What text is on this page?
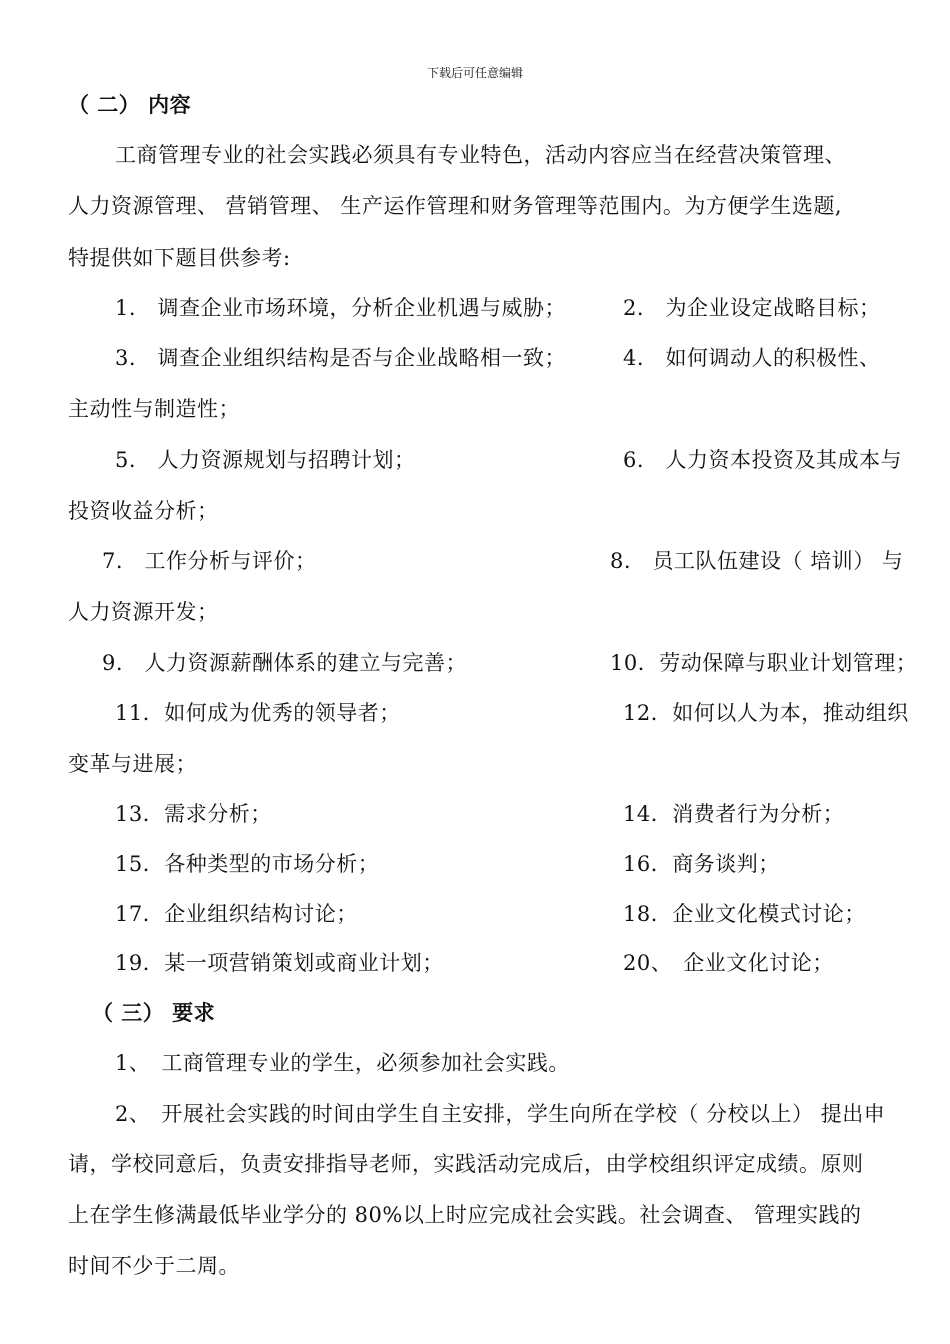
下载后可任意编辑
（ 二） 内容
工商管理专业的社会实践必须具有专业特色，活动内容应当在经营决策管理、
人力资源管理、 营销管理、 生产运作管理和财务管理等范围内。为方便学生选题,
特提供如下题目供参考:
1.　调查企业市场环境，分析企业机遇与威胁；	2.　为企业设定战略目标；
3.　调查企业组织结构是否与企业战略相一致；	4.　如何调动人的积极性、
主动性与制造性；
5.　人力资源规划与招聘计划；	6.　人力资本投资及其成本与
投资收益分析；
7.　工作分析与评价；	8.　员工队伍建设（ 培训） 与
人力资源开发；
9.　人力资源薪酬体系的建立与完善；	10．劳动保障与职业计划管理；
11．如何成为优秀的领导者；	12．如何以人为本，推动组织
变革与进展；
13．需求分析；	14．消费者行为分析；
15．各种类型的市场分析；	16．商务谈判；
17．企业组织结构讨论；	18．企业文化模式讨论；
19．某一项营销策划或商业计划；	20、　企业文化讨论；
（ 三） 要求
1、　工商管理专业的学生，必须参加社会实践。
2、　开展社会实践的时间由学生自主安排，学生向所在学校（ 分校以上） 提出申
请，学校同意后，负责安排指导老师，实践活动完成后，由学校组织评定成绩。原则
上在学生修满最低毕业学分的 80%以上时应完成社会实践。社会调查、 管理实践的
时间不少于二周。
